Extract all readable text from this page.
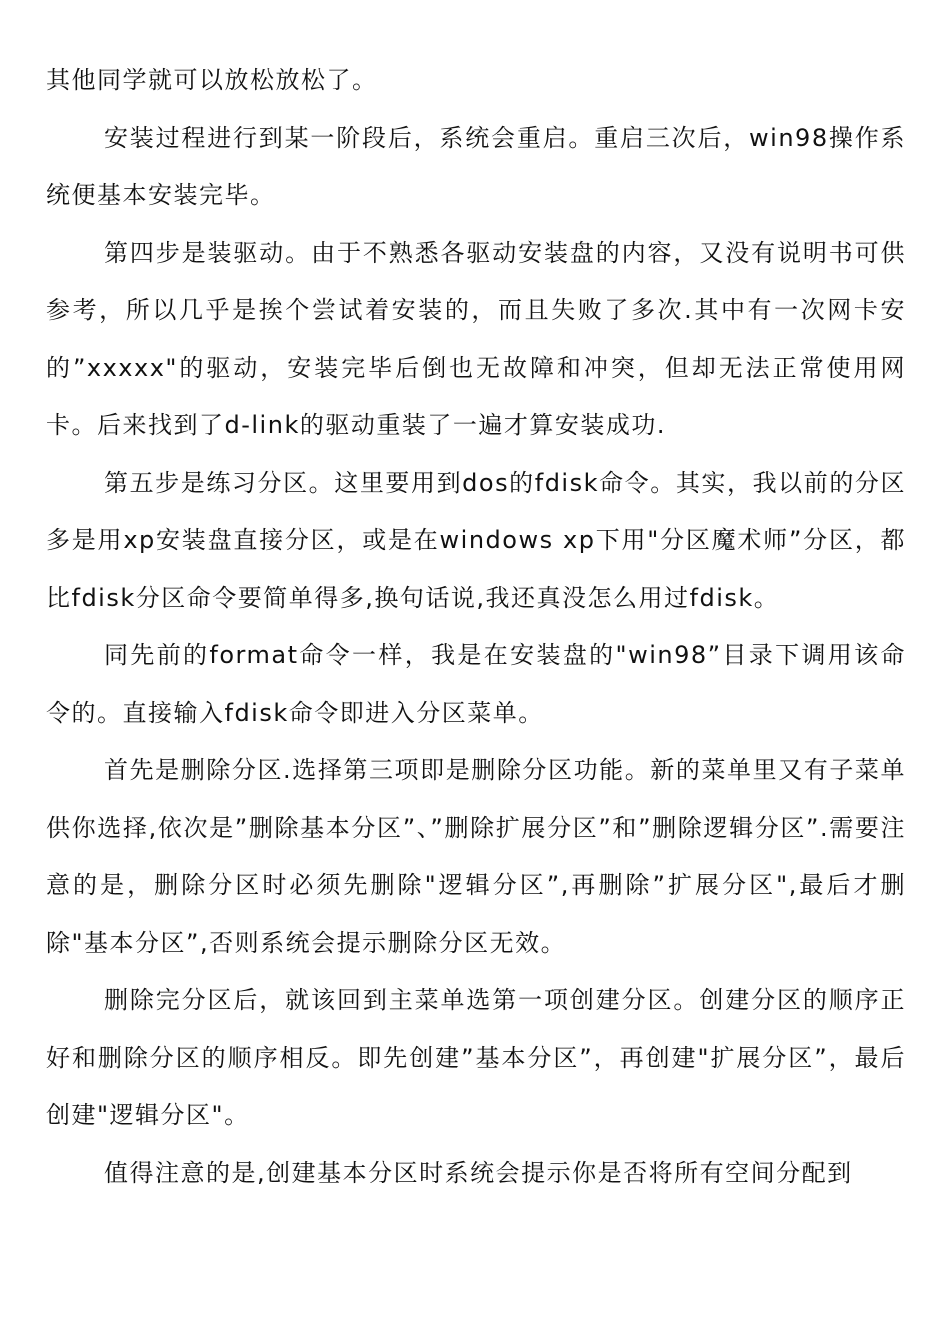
其他同学就可以放松放松了。

安装过程进行到某一阶段后，系统会重启。重启三次后，win98操作系统便基本安装完毕。

第四步是装驱动。由于不熟悉各驱动安装盘的内容，又没有说明书可供参考，所以几乎是挨个尝试着安装的，而且失败了多次.其中有一次网卡安的”xxxxx"的驱动，安装完毕后倒也无故障和冲突，但却无法正常使用网卡。后来找到了d-link的驱动重装了一遍才算安装成功.

第五步是练习分区。这里要用到dos的fdisk命令。其实，我以前的分区多是用xp安装盘直接分区，或是在windows xp下用"分区魔术师”分区，都比fdisk分区命令要简单得多,换句话说,我还真没怎么用过fdisk。

同先前的format命令一样，我是在安装盘的"win98”目录下调用该命令的。直接输入fdisk命令即进入分区菜单。

首先是删除分区.选择第三项即是删除分区功能。新的菜单里又有子菜单供你选择,依次是”删除基本分区”、”删除扩展分区”和”删除逻辑分区”.需要注意的是，删除分区时必须先删除"逻辑分区”,再删除”扩展分区",最后才删除"基本分区”,否则系统会提示删除分区无效。

删除完分区后，就该回到主菜单选第一项创建分区。创建分区的顺序正好和删除分区的顺序相反。即先创建”基本分区”，再创建"扩展分区”，最后创建"逻辑分区"。

值得注意的是,创建基本分区时系统会提示你是否将所有空间分配到
